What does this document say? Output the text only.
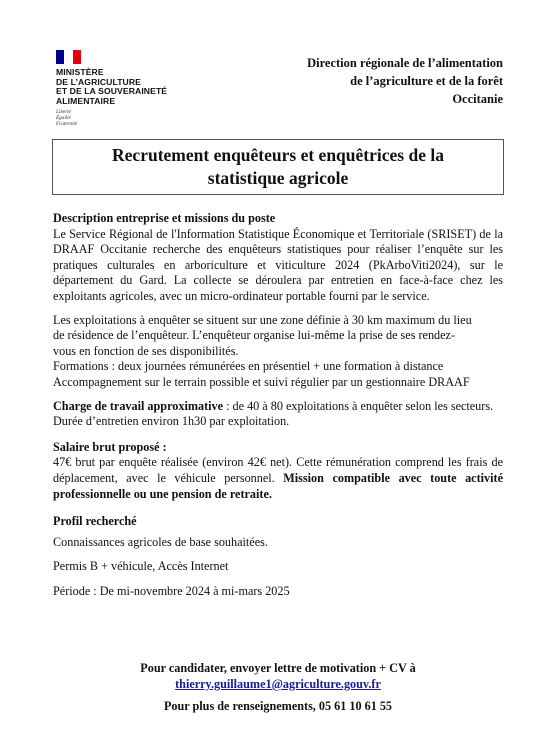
MINISTÈRE
DE L’AGRICULTURE
ET DE LA SOUVERAINETÉ
ALIMENTAIRE
Liberté
Égalité
Fraternité
Direction régionale de l’alimentation
de l’agriculture et de la forêt
Occitanie
Recrutement enquêteurs et enquêtrices de la
statistique agricole

Description entreprise et missions du poste

Le Service Régional de l'Information Statistique Économique et Territoriale (SRISET) de la DRAAF Occitanie recherche des enquêteurs statistiques pour réaliser l’enquête sur les pratiques culturales en arboriculture et viticulture 2024 (PkArboViti2024), sur le département du Gard. La collecte se déroulera par entretien en face-à-face chez les exploitants agricoles, avec un micro-ordinateur portable fourni par le service.

Les exploitations à enquêter se situent sur une zone définie à 30 km maximum du lieu
de résidence de l’enquêteur. L’enquêteur organise lui-même la prise de ses rendez-
vous en fonction de ses disponibilités.
Formations : deux journées rémunérées en présentiel + une formation à distance
Accompagnement sur le terrain possible et suivi régulier par un gestionnaire DRAAF

Charge de travail approximative : de 40 à 80 exploitations à enquêter selon les secteurs. Durée d’entretien environ 1h30 par exploitation.

Salaire brut proposé :

47€ brut par enquête réalisée (environ 42€ net). Cette rémunération comprend les frais de déplacement, avec le véhicule personnel. Mission compatible avec toute activité professionnelle ou une pension de retraite.

Profil recherché

Connaissances agricoles de base souhaitées.

Permis B + véhicule, Accès Internet

Période : De mi-novembre 2024 à mi-mars 2025

Pour candidater, envoyer lettre de motivation + CV à
thierry.guillaume1@agriculture.gouv.fr
Pour plus de renseignements, 05 61 10 61 55
